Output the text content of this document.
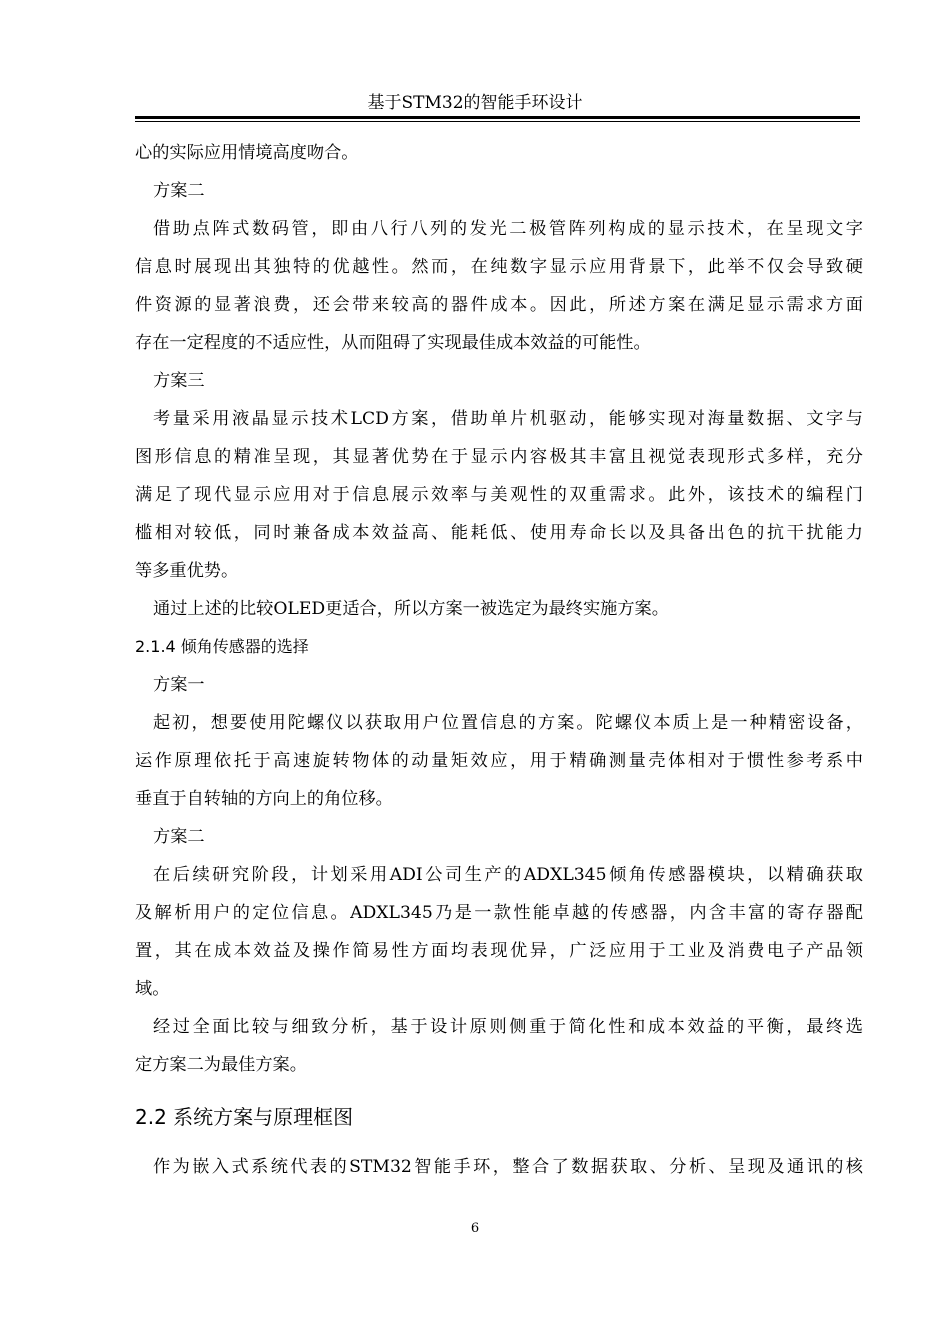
基于STM32的智能手环设计
心的实际应用情境高度吻合。
方案二
借助点阵式数码管，即由八行八列的发光二极管阵列构成的显示技术，在呈现文字
信息时展现出其独特的优越性。然而，在纯数字显示应用背景下，此举不仅会导致硬
件资源的显著浪费，还会带来较高的器件成本。因此，所述方案在满足显示需求方面
存在一定程度的不适应性，从而阻碍了实现最佳成本效益的可能性。
方案三
考量采用液晶显示技术LCD方案，借助单片机驱动，能够实现对海量数据、文字与
图形信息的精准呈现，其显著优势在于显示内容极其丰富且视觉表现形式多样，充分
满足了现代显示应用对于信息展示效率与美观性的双重需求。此外，该技术的编程门
槛相对较低，同时兼备成本效益高、能耗低、使用寿命长以及具备出色的抗干扰能力
等多重优势。
通过上述的比较OLED更适合，所以方案一被选定为最终实施方案。
2.1.4 倾角传感器的选择
方案一
起初，想要使用陀螺仪以获取用户位置信息的方案。陀螺仪本质上是一种精密设备，
运作原理依托于高速旋转物体的动量矩效应，用于精确测量壳体相对于惯性参考系中
垂直于自转轴的方向上的角位移。
方案二
在后续研究阶段，计划采用ADI公司生产的ADXL345倾角传感器模块，以精确获取
及解析用户的定位信息。ADXL345乃是一款性能卓越的传感器，内含丰富的寄存器配
置，其在成本效益及操作简易性方面均表现优异，广泛应用于工业及消费电子产品领
域。
经过全面比较与细致分析，基于设计原则侧重于简化性和成本效益的平衡，最终选
定方案二为最佳方案。
2.2 系统方案与原理框图
作为嵌入式系统代表的STM32智能手环，整合了数据获取、分析、呈现及通讯的核
6
